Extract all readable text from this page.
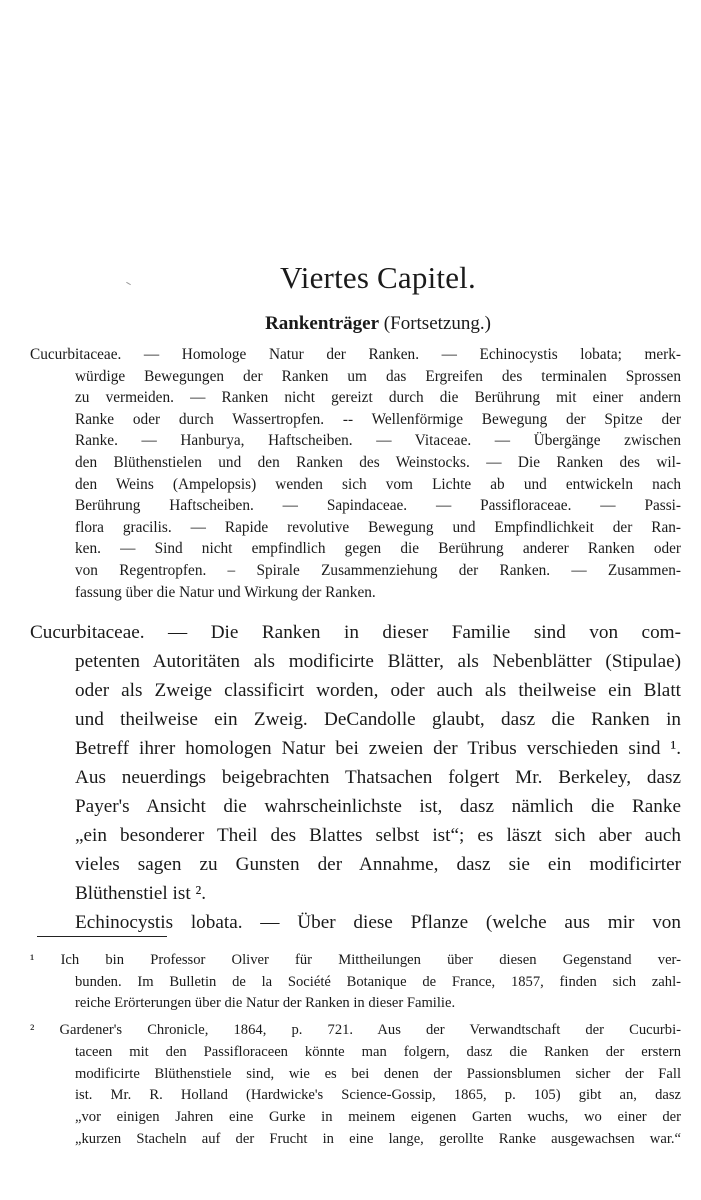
Viertes Capitel.
Rankenträger (Fortsetzung.)
Cucurbitaceae. — Homologe Natur der Ranken. — Echinocystis lobata; merk-
würdige Bewegungen der Ranken um das Ergreifen des terminalen Sprossen
zu vermeiden. — Ranken nicht gereizt durch die Berührung mit einer andern
Ranke oder durch Wassertropfen. -- Wellenförmige Bewegung der Spitze der
Ranke. — Hanburya, Haftscheiben. — Vitaceae. — Übergänge zwischen
den Blüthenstielen und den Ranken des Weinstocks. — Die Ranken des wil-
den Weins (Ampelopsis) wenden sich vom Lichte ab und entwickeln nach
Berührung Haftscheiben. — Sapindaceae. — Passifloraceae. — Passi-
flora gracilis. — Rapide revolutive Bewegung und Empfindlichkeit der Ran-
ken. — Sind nicht empfindlich gegen die Berührung anderer Ranken oder
von Regentropfen. – Spirale Zusammenziehung der Ranken. — Zusammen-
fassung über die Natur und Wirkung der Ranken.
Cucurbitaceae. — Die Ranken in dieser Familie sind von com-
petenten Autoritäten als modificirte Blätter, als Nebenblätter (Stipulae)
oder als Zweige classificirt worden, oder auch als theilweise ein Blatt
und theilweise ein Zweig. DeCandolle glaubt, dasz die Ranken in
Betreff ihrer homologen Natur bei zweien der Tribus verschieden sind ¹.
Aus neuerdings beigebrachten Thatsachen folgert Mr. Berkeley, dasz
Payer's Ansicht die wahrscheinlichste ist, dasz nämlich die Ranke
„ein besonderer Theil des Blattes selbst ist“; es läszt sich aber auch
vieles sagen zu Gunsten der Annahme, dasz sie ein modificirter
Blüthenstiel ist ².
Echinocystis lobata. — Über diese Pflanze (welche aus mir von
¹ Ich bin Professor Oliver für Mittheilungen über diesen Gegenstand ver-
bunden. Im Bulletin de la Société Botanique de France, 1857, finden sich zahl-
reiche Erörterungen über die Natur der Ranken in dieser Familie.
² Gardener's Chronicle, 1864, p. 721. Aus der Verwandtschaft der Cucurbi-
taceen mit den Passifloraceen könnte man folgern, dasz die Ranken der erstern
modificirte Blüthenstiele sind, wie es bei denen der Passionsblumen sicher der Fall
ist. Mr. R. Holland (Hardwicke's Science-Gossip, 1865, p. 105) gibt an, dasz
„vor einigen Jahren eine Gurke in meinem eigenen Garten wuchs, wo einer der
„kurzen Stacheln auf der Frucht in eine lange, gerollte Ranke ausgewachsen war.“
